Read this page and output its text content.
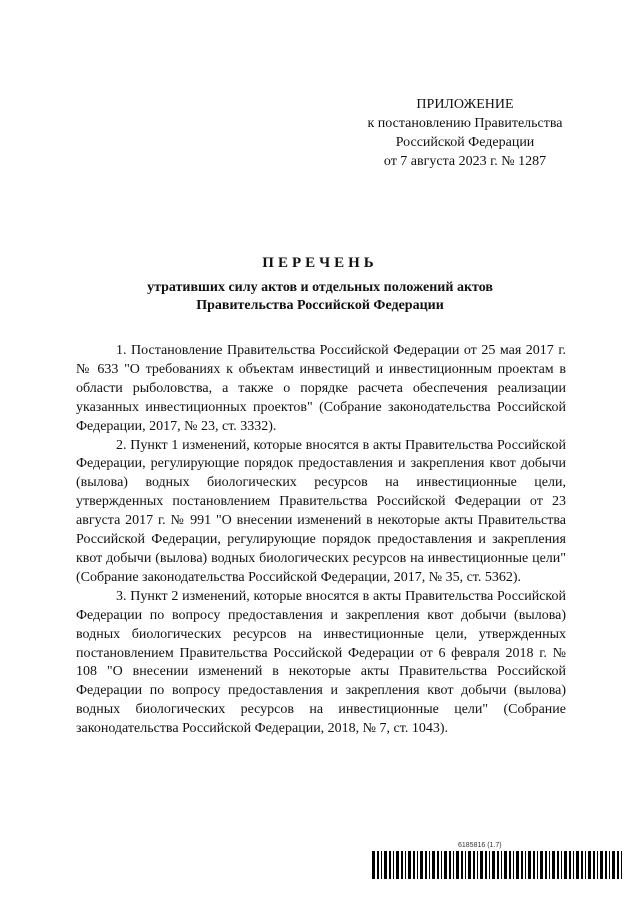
ПРИЛОЖЕНИЕ
к постановлению Правительства
Российской Федерации
от 7 августа 2023 г. № 1287
ПЕРЕЧЕНЬ
утративших силу актов и отдельных положений актов
Правительства Российской Федерации

1. Постановление Правительства Российской Федерации от 25 мая 2017 г. № 633 "О требованиях к объектам инвестиций и инвестиционным проектам в области рыболовства, а также о порядке расчета обеспечения реализации указанных инвестиционных проектов" (Собрание законодательства Российской Федерации, 2017, № 23, ст. 3332).

2. Пункт 1 изменений, которые вносятся в акты Правительства Российской Федерации, регулирующие порядок предоставления и закрепления квот добычи (вылова) водных биологических ресурсов на инвестиционные цели, утвержденных постановлением Правительства Российской Федерации от 23 августа 2017 г. № 991 "О внесении изменений в некоторые акты Правительства Российской Федерации, регулирующие порядок предоставления и закрепления квот добычи (вылова) водных биологических ресурсов на инвестиционные цели" (Собрание законодательства Российской Федерации, 2017, № 35, ст. 5362).

3. Пункт 2 изменений, которые вносятся в акты Правительства Российской Федерации по вопросу предоставления и закрепления квот добычи (вылова) водных биологических ресурсов на инвестиционные цели, утвержденных постановлением Правительства Российской Федерации от 6 февраля 2018 г. № 108 "О внесении изменений в некоторые акты Правительства Российской Федерации по вопросу предоставления и закрепления квот добычи (вылова) водных биологических ресурсов на инвестиционные цели" (Собрание законодательства Российской Федерации, 2018, № 7, ст. 1043).

6185816 (1.7)
